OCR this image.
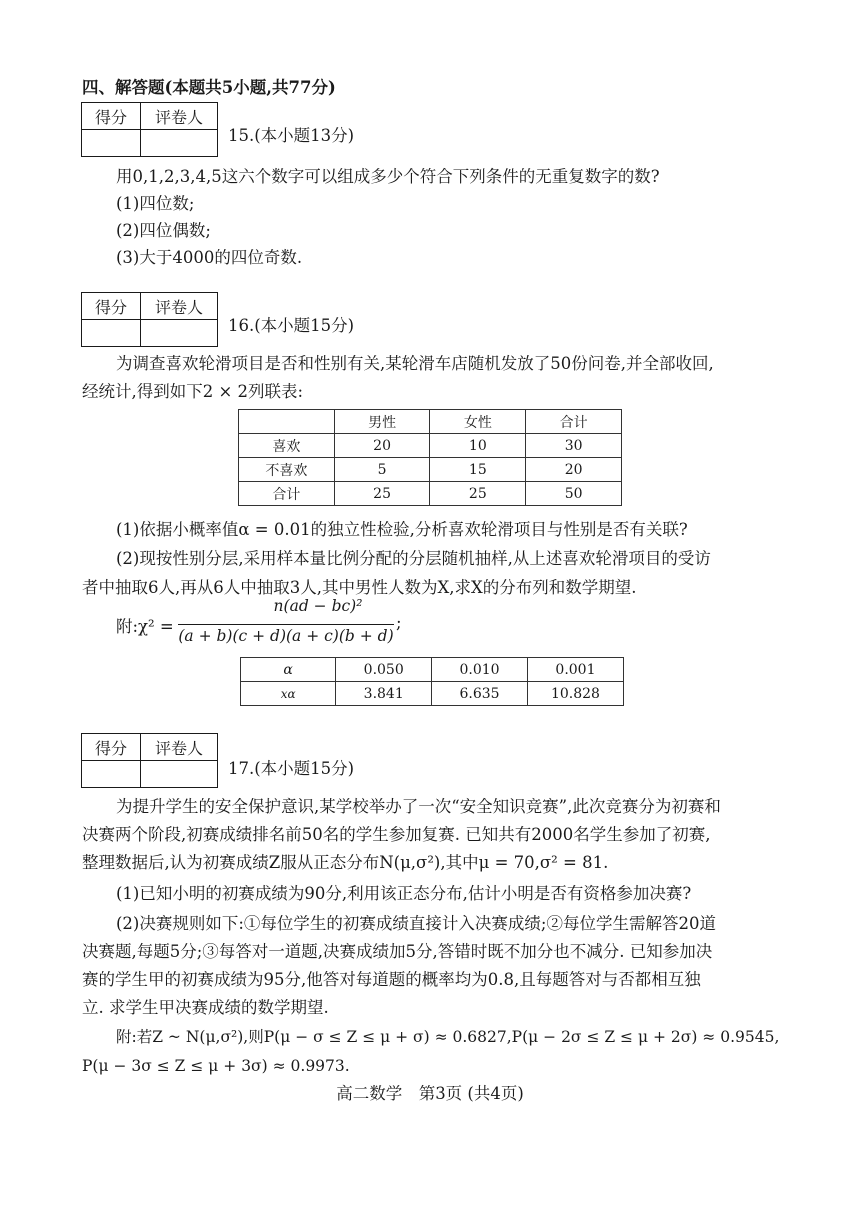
四、解答题(本题共5小题,共77分)
得分	评卷人

15.(本小题13分)
用0,1,2,3,4,5这六个数字可以组成多少个符合下列条件的无重复数字的数?
(1)四位数;
(2)四位偶数;
(3)大于4000的四位奇数.
得分	评卷人

16.(本小题15分)
为调查喜欢轮滑项目是否和性别有关,某轮滑车店随机发放了50份问卷,并全部收回,
经统计,得到如下2 × 2列联表:
	男性	女性	合计
喜欢	20	10	30
不喜欢	5	15	20
合计	25	25	50
(1)依据小概率值α = 0.01的独立性检验,分析喜欢轮滑项目与性别是否有关联?
(2)现按性别分层,采用样本量比例分配的分层随机抽样,从上述喜欢轮滑项目的受访
者中抽取6人,再从6人中抽取3人,其中男性人数为X,求X的分布列和数学期望.
附:χ² =
n(ad − bc)²
(a + b)(c + d)(a + c)(b + d)
;
α	0.050	0.010	0.001
xα	3.841	6.635	10.828
得分	评卷人

17.(本小题15分)
为提升学生的安全保护意识,某学校举办了一次“安全知识竞赛”,此次竞赛分为初赛和
决赛两个阶段,初赛成绩排名前50名的学生参加复赛. 已知共有2000名学生参加了初赛,
整理数据后,认为初赛成绩Z服从正态分布N(μ,σ²),其中μ = 70,σ² = 81.
(1)已知小明的初赛成绩为90分,利用该正态分布,估计小明是否有资格参加决赛?
(2)决赛规则如下:①每位学生的初赛成绩直接计入决赛成绩;②每位学生需解答20道
决赛题,每题5分;③每答对一道题,决赛成绩加5分,答错时既不加分也不减分. 已知参加决
赛的学生甲的初赛成绩为95分,他答对每道题的概率均为0.8,且每题答对与否都相互独
立. 求学生甲决赛成绩的数学期望.
附:若Z ~ N(μ,σ²),则P(μ − σ ≤ Z ≤ μ + σ) ≈ 0.6827,P(μ − 2σ ≤ Z ≤ μ + 2σ) ≈ 0.9545,
P(μ − 3σ ≤ Z ≤ μ + 3σ) ≈ 0.9973.
高二数学　第3页 (共4页)
